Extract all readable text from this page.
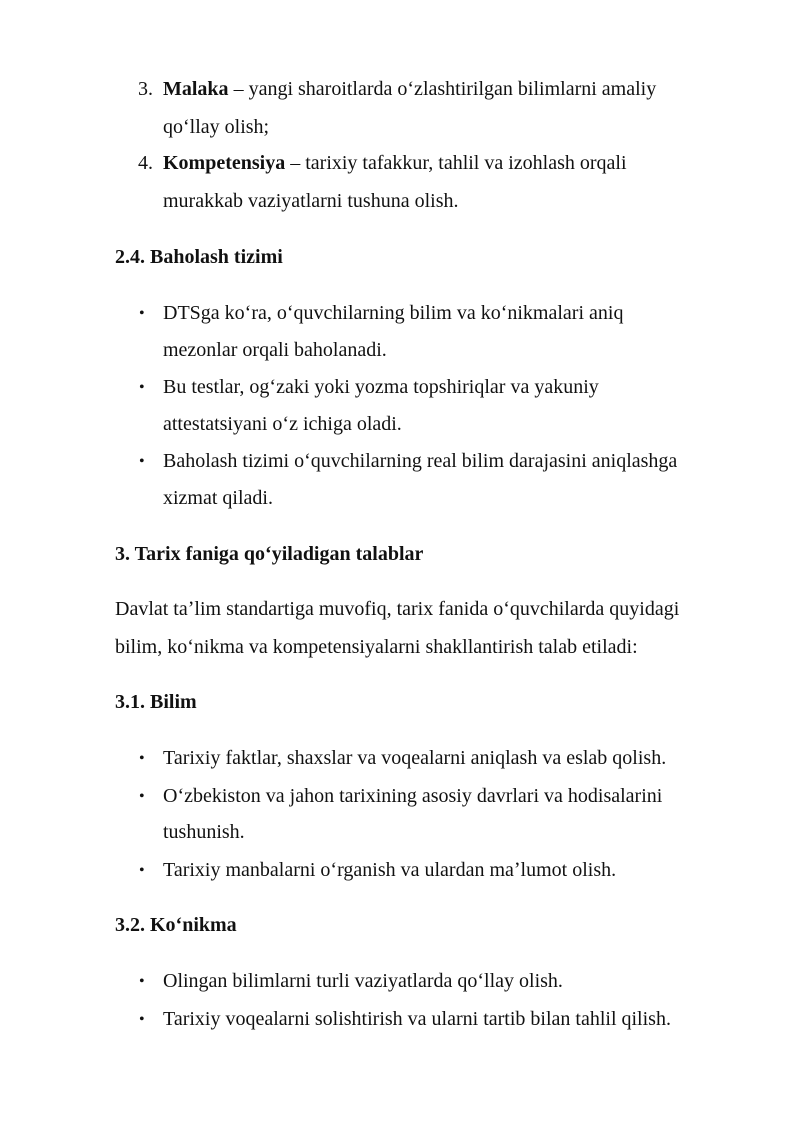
3. Malaka – yangi sharoitlarda oʻzlashtirilgan bilimlarni amaliy
qoʻllay olish;
4. Kompetensiya – tarixiy tafakkur, tahlil va izohlash orqali
murakkab vaziyatlarni tushuna olish.
2.4. Baholash tizimi
• DTSga koʻra, oʻquvchilarning bilim va koʻnikmalari aniq
mezonlar orqali baholanadi.
• Bu testlar, ogʻzaki yoki yozma topshiriqlar va yakuniy
attestatsiyani oʻz ichiga oladi.
• Baholash tizimi oʻquvchilarning real bilim darajasini aniqlashga
xizmat qiladi.
3. Tarix faniga qoʻyiladigan talablar
Davlat taʼlim standartiga muvofiq, tarix fanida oʻquvchilarda quyidagi
bilim, koʻnikma va kompetensiyalarni shakllantirish talab etiladi:
3.1. Bilim
• Tarixiy faktlar, shaxslar va voqealarni aniqlash va eslab qolish.
• Oʻzbekiston va jahon tarixining asosiy davrlari va hodisalarini
tushunish.
• Tarixiy manbalarni oʻrganish va ulardan maʼlumot olish.
3.2. Koʻnikma
• Olingan bilimlarni turli vaziyatlarda qoʻllay olish.
• Tarixiy voqealarni solishtirish va ularni tartib bilan tahlil qilish.
